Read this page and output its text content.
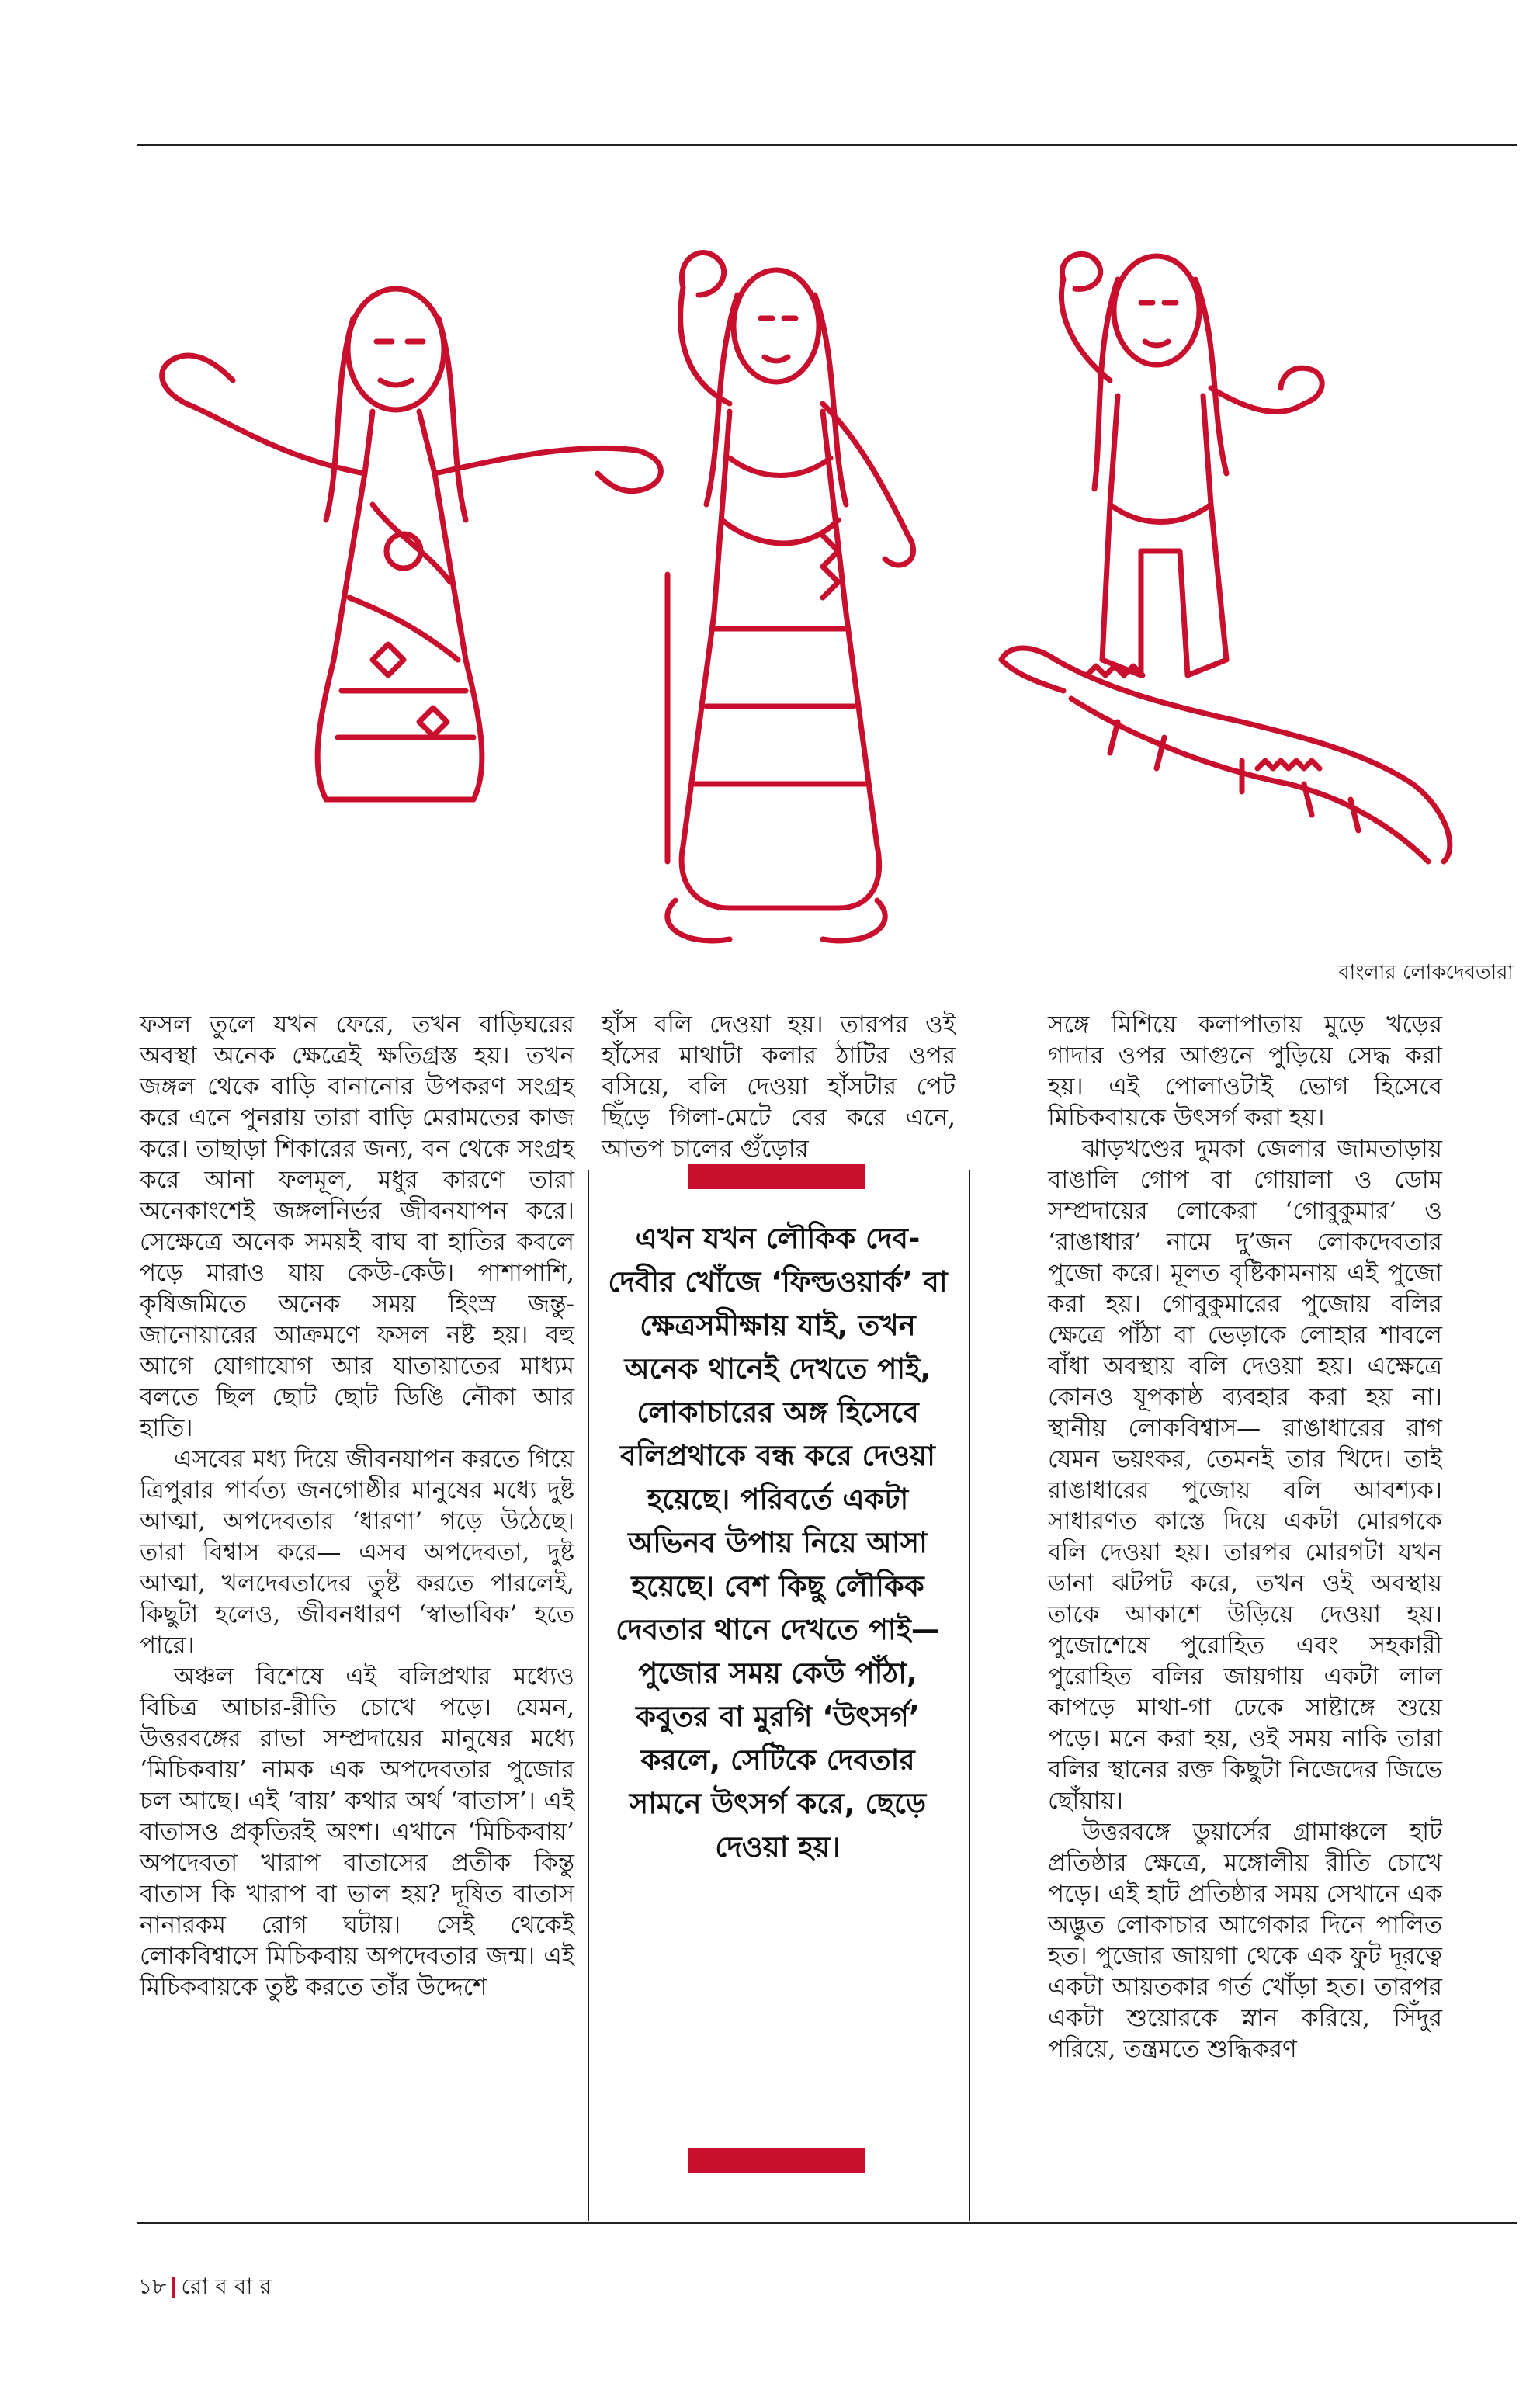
বাংলার লোকদেবতারা

ফসল তুলে যখন ফেরে, তখন বাড়িঘরের অবস্থা অনেক ক্ষেত্রেই ক্ষতিগ্রস্ত হয়। তখন জঙ্গল থেকে বাড়ি বানানোর উপকরণ সংগ্রহ করে এনে পুনরায় তারা বাড়ি মেরামতের কাজ করে। তাছাড়া শিকারের জন্য, বন থেকে সংগ্রহ করে আনা ফলমূল, মধুর কারণে তারা অনেকাংশেই জঙ্গলনির্ভর জীবনযাপন করে। সেক্ষেত্রে অনেক সময়ই বাঘ বা হাতির কবলে পড়ে মারাও যায় কেউ-কেউ। পাশাপাশি, কৃষিজমিতে অনেক সময় হিংস্র জন্তু-জানোয়ারের আক্রমণে ফসল নষ্ট হয়। বহু আগে যোগাযোগ আর যাতায়াতের মাধ্যম বলতে ছিল ছোট ছোট ডিঙি নৌকা আর হাতি।

এসবের মধ্য দিয়ে জীবনযাপন করতে গিয়ে ত্রিপুরার পার্বত্য জনগোষ্ঠীর মানুষের মধ্যে দুষ্ট আত্মা, অপদেবতার ‘ধারণা’ গড়ে উঠেছে। তারা বিশ্বাস করে— এসব অপদেবতা, দুষ্ট আত্মা, খলদেবতাদের তুষ্ট করতে পারলেই, কিছুটা হলেও, জীবনধারণ ‘স্বাভাবিক’ হতে পারে।

অঞ্চল বিশেষে এই বলিপ্রথার মধ্যেও বিচিত্র আচার-রীতি চোখে পড়ে। যেমন, উত্তরবঙ্গের রাভা সম্প্রদায়ের মানুষের মধ্যে ‘মিচিকবায়’ নামক এক অপদেবতার পুজোর চল আছে। এই ‘বায়’ কথার অর্থ ‘বাতাস’। এই বাতাসও প্রকৃতিরই অংশ। এখানে ‘মিচিকবায়’ অপদেবতা খারাপ বাতাসের প্রতীক কিন্তু বাতাস কি খারাপ বা ভাল হয়? দূষিত বাতাস নানারকম রোগ ঘটায়। সেই থেকেই লোকবিশ্বাসে মিচিকবায় অপদেবতার জন্ম। এই মিচিকবায়কে তুষ্ট করতে তাঁর উদ্দেশে

হাঁস বলি দেওয়া হয়। তারপর ওই হাঁসের মাথাটা কলার ঠাটির ওপর বসিয়ে, বলি দেওয়া হাঁসটার পেট ছিঁড়ে গিলা-মেটে বের করে এনে, আতপ চালের গুঁড়োর

এখন যখন লৌকিক দেব-দেবীর খোঁজে ‘ফিল্ডওয়ার্ক’ বা ক্ষেত্রসমীক্ষায় যাই, তখন অনেক থানেই দেখতে পাই, লোকাচারের অঙ্গ হিসেবে বলিপ্রথাকে বন্ধ করে দেওয়া হয়েছে। পরিবর্তে একটা অভিনব উপায় নিয়ে আসা হয়েছে। বেশ কিছু লৌকিক দেবতার থানে দেখতে পাই— পুজোর সময় কেউ পাঁঠা, কবুতর বা মুরগি ‘উৎসর্গ’ করলে, সেটিকে দেবতার সামনে উৎসর্গ করে, ছেড়ে দেওয়া হয়।

সঙ্গে মিশিয়ে কলাপাতায় মুড়ে খড়ের গাদার ওপর আগুনে পুড়িয়ে সেদ্ধ করা হয়। এই পোলাওটাই ভোগ হিসেবে মিচিকবায়কে উৎসর্গ করা হয়।

ঝাড়খণ্ডের দুমকা জেলার জামতাড়ায় বাঙালি গোপ বা গোয়ালা ও ডোম সম্প্রদায়ের লোকেরা ‘গোবুকুমার’ ও ‘রাঙাধার’ নামে দু’জন লোকদেবতার পুজো করে। মূলত বৃষ্টিকামনায় এই পুজো করা হয়। গোবুকুমারের পুজোয় বলির ক্ষেত্রে পাঁঠা বা ভেড়াকে লোহার শাবলে বাঁধা অবস্থায় বলি দেওয়া হয়। এক্ষেত্রে কোনও যূপকাষ্ঠ ব্যবহার করা হয় না। স্থানীয় লোকবিশ্বাস— রাঙাধারের রাগ যেমন ভয়ংকর, তেমনই তার খিদে। তাই রাঙাধারের পুজোয় বলি আবশ্যক। সাধারণত কাস্তে দিয়ে একটা মোরগকে বলি দেওয়া হয়। তারপর মোরগটা যখন ডানা ঝটপট করে, তখন ওই অবস্থায় তাকে আকাশে উড়িয়ে দেওয়া হয়। পুজোশেষে পুরোহিত এবং সহকারী পুরোহিত বলির জায়গায় একটা লাল কাপড়ে মাথা-গা ঢেকে সাষ্টাঙ্গে শুয়ে পড়ে। মনে করা হয়, ওই সময় নাকি তারা বলির স্থানের রক্ত কিছুটা নিজেদের জিভে ছোঁয়ায়।

উত্তরবঙ্গে ডুয়ার্সের গ্রামাঞ্চলে হাট প্রতিষ্ঠার ক্ষেত্রে, মঙ্গোলীয় রীতি চোখে পড়ে। এই হাট প্রতিষ্ঠার সময় সেখানে এক অদ্ভুত লোকাচার আগেকার দিনে পালিত হত। পুজোর জায়গা থেকে এক ফুট দূরত্বে একটা আয়তকার গর্ত খোঁড়া হত। তারপর একটা শুয়োরকে স্নান করিয়ে, সিঁদুর পরিয়ে, তন্ত্রমতে শুদ্ধিকরণ

১৮ রো ব বা র
